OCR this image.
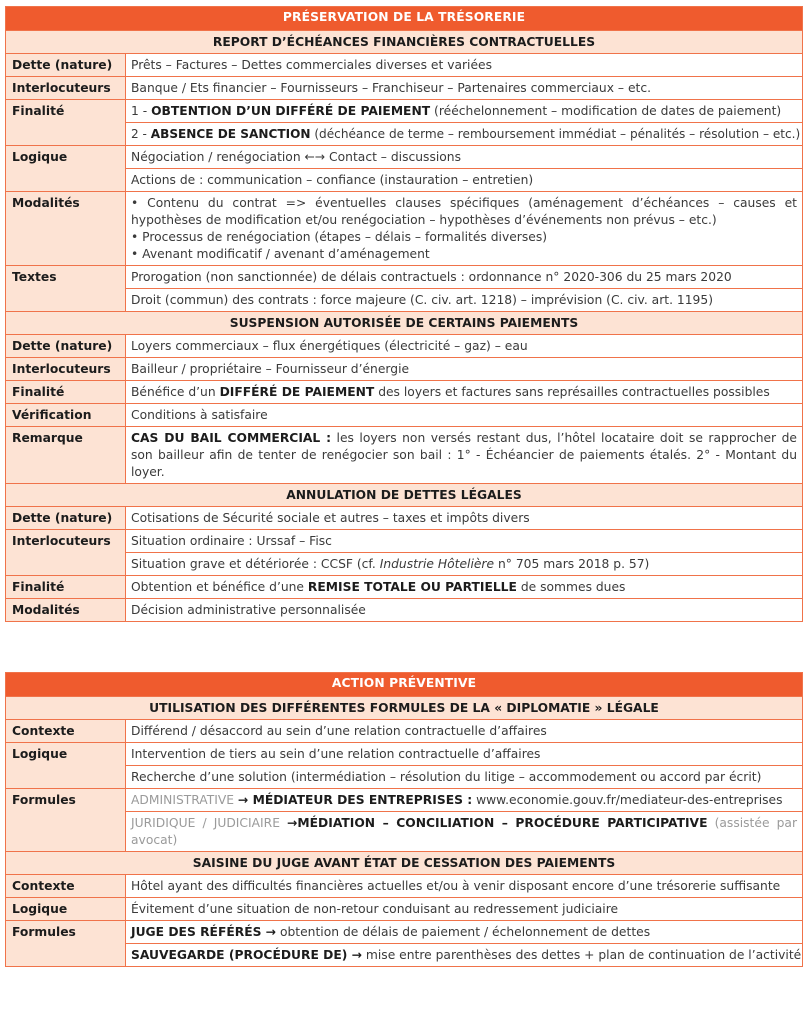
PRÉSERVATION DE LA TRÉSORERIE	
REPORT D’ÉCHÉANCES FINANCIÈRES CONTRACTUELLES	
Dette (nature)	Prêts – Factures – Dettes commerciales diverses et variées
Interlocuteurs	Banque / Ets financier – Fournisseurs – Franchiseur – Partenaires commerciaux – etc.
Finalité	1 - OBTENTION D’UN DIFFÉRÉ DE PAIEMENT (rééchelonnement – modification de dates de paiement)
	2 - ABSENCE DE SANCTION (déchéance de terme – remboursement immédiat – pénalités – résolution – etc.)
Logique	Négociation / renégociation ←→ Contact – discussions
	Actions de : communication – confiance (instauration – entretien)
Modalités	• Contenu du contrat => éventuelles clauses spécifiques (aménagement d’échéances – causes et hypothèses de modification et/ou renégociation – hypothèses d’événements non prévus – etc.)
• Processus de renégociation (étapes – délais – formalités diverses)
• Avenant modificatif / avenant d’aménagement

Textes	Prorogation (non sanctionnée) de délais contractuels : ordonnance n° 2020-306 du 25 mars 2020
	Droit (commun) des contrats : force majeure (C. civ. art. 1218) – imprévision (C. civ. art. 1195)
SUSPENSION AUTORISÉE DE CERTAINS PAIEMENTS	
Dette (nature)	Loyers commerciaux – flux énergétiques (électricité – gaz) – eau
Interlocuteurs	Bailleur / propriétaire – Fournisseur d’énergie
Finalité	Bénéfice d’un DIFFÉRÉ DE PAIEMENT des loyers et factures sans représailles contractuelles possibles
Vérification	Conditions à satisfaire
Remarque	CAS DU BAIL COMMERCIAL : les loyers non versés restant dus, l’hôtel locataire doit se rapprocher de son bailleur afin de tenter de renégocier son bail : 1° - Échéancier de paiements étalés. 2° - Montant du loyer.
ANNULATION DE DETTES LÉGALES	
Dette (nature)	Cotisations de Sécurité sociale et autres – taxes et impôts divers
Interlocuteurs	Situation ordinaire : Urssaf – Fisc
	Situation grave et détériorée : CCSF (cf. Industrie Hôtelière n° 705 mars 2018 p. 57)
Finalité	Obtention et bénéfice d’une REMISE TOTALE OU PARTIELLE de sommes dues
Modalités	Décision administrative personnalisée
ACTION PRÉVENTIVE	
UTILISATION DES DIFFÉRENTES FORMULES DE LA « DIPLOMATIE » LÉGALE	
Contexte	Différend / désaccord au sein d’une relation contractuelle d’affaires
Logique	Intervention de tiers au sein d’une relation contractuelle d’affaires
	Recherche d’une solution (intermédiation – résolution du litige – accommodement ou accord par écrit)
Formules	ADMINISTRATIVE → MÉDIATEUR DES ENTREPRISES : www.economie.gouv.fr/mediateur-des-entreprises
	JURIDIQUE / JUDICIAIRE →MÉDIATION – CONCILIATION – PROCÉDURE PARTICIPATIVE (assistée par avocat)
SAISINE DU JUGE AVANT ÉTAT DE CESSATION DES PAIEMENTS	
Contexte	Hôtel ayant des difficultés financières actuelles et/ou à venir disposant encore d’une trésorerie suffisante
Logique	Évitement d’une situation de non-retour conduisant au redressement judiciaire
Formules	JUGE DES RÉFÉRÉS → obtention de délais de paiement / échelonnement de dettes
	SAUVEGARDE (PROCÉDURE DE) → mise entre parenthèses des dettes + plan de continuation de l’activité
